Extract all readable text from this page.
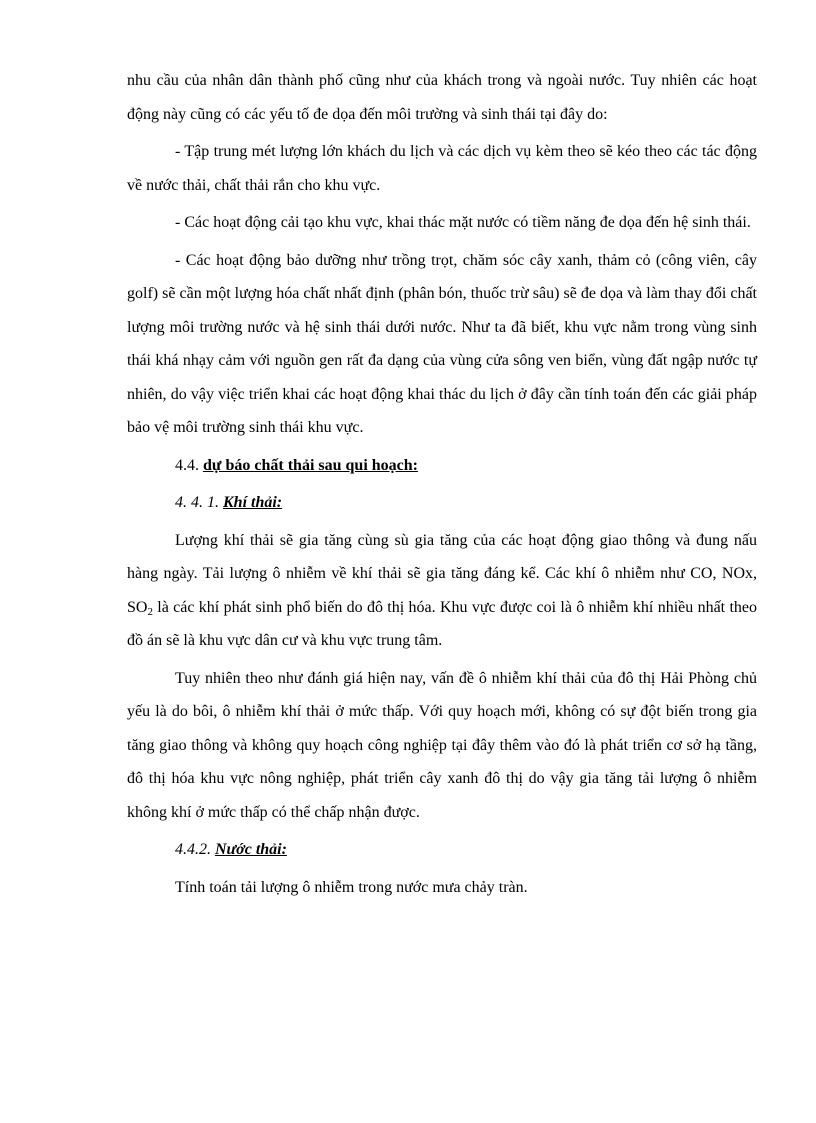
nhu cầu của nhân dân thành phố cũng như của khách trong và ngoài nước. Tuy nhiên các hoạt động này cũng có các yếu tố đe dọa đến môi trường và sinh thái tại đây do:

- Tập trung mét lượng lớn khách du lịch và các dịch vụ kèm theo sẽ kéo theo các tác động về nước thải, chất thải rắn cho khu vực.

- Các hoạt động cải tạo khu vực, khai thác mặt nước có tiềm năng đe dọa đến hệ sinh thái.

- Các hoạt động bảo dưỡng như trồng trọt, chăm sóc cây xanh, thảm cỏ (công viên, cây golf) sẽ cần một lượng hóa chất nhất định (phân bón, thuốc trừ sâu) sẽ đe dọa và làm thay đổi chất lượng môi trường nước và hệ sinh thái dưới nước. Như ta đã biết, khu vực nằm trong vùng sinh thái khá nhạy cảm với nguồn gen rất đa dạng của vùng cửa sông ven biển, vùng đất ngập nước tự nhiên, do vậy việc triển khai các hoạt động khai thác du lịch ở đây cần tính toán đến các giải pháp bảo vệ môi trường sinh thái khu vực.

4.4. dự báo chất thải sau qui hoạch:
4. 4. 1. Khí thải:

Lượng khí thải sẽ gia tăng cùng sù gia tăng của các hoạt động giao thông và đung nấu hàng ngày. Tải lượng ô nhiễm về khí thải sẽ gia tăng đáng kể. Các khí ô nhiễm như CO, NOx, $SO_2$ là các khí phát sinh phổ biến do đô thị hóa. Khu vực được coi là ô nhiễm khí nhiều nhất theo đồ án sẽ là khu vực dân cư và khu vực trung tâm.

Tuy nhiên theo như đánh giá hiện nay, vấn đề ô nhiễm khí thải của đô thị Hải Phòng chủ yếu là do bôi, ô nhiễm khí thải ở mức thấp. Với quy hoạch mới, không có sự đột biến trong gia tăng giao thông và không quy hoạch công nghiệp tại đây thêm vào đó là phát triển cơ sở hạ tầng, đô thị hóa khu vực nông nghiệp, phát triển cây xanh đô thị do vậy gia tăng tải lượng ô nhiễm không khí ở mức thấp có thể chấp nhận được.

4.4.2. Nước thải:

Tính toán tải lượng ô nhiễm trong nước mưa chảy tràn.
